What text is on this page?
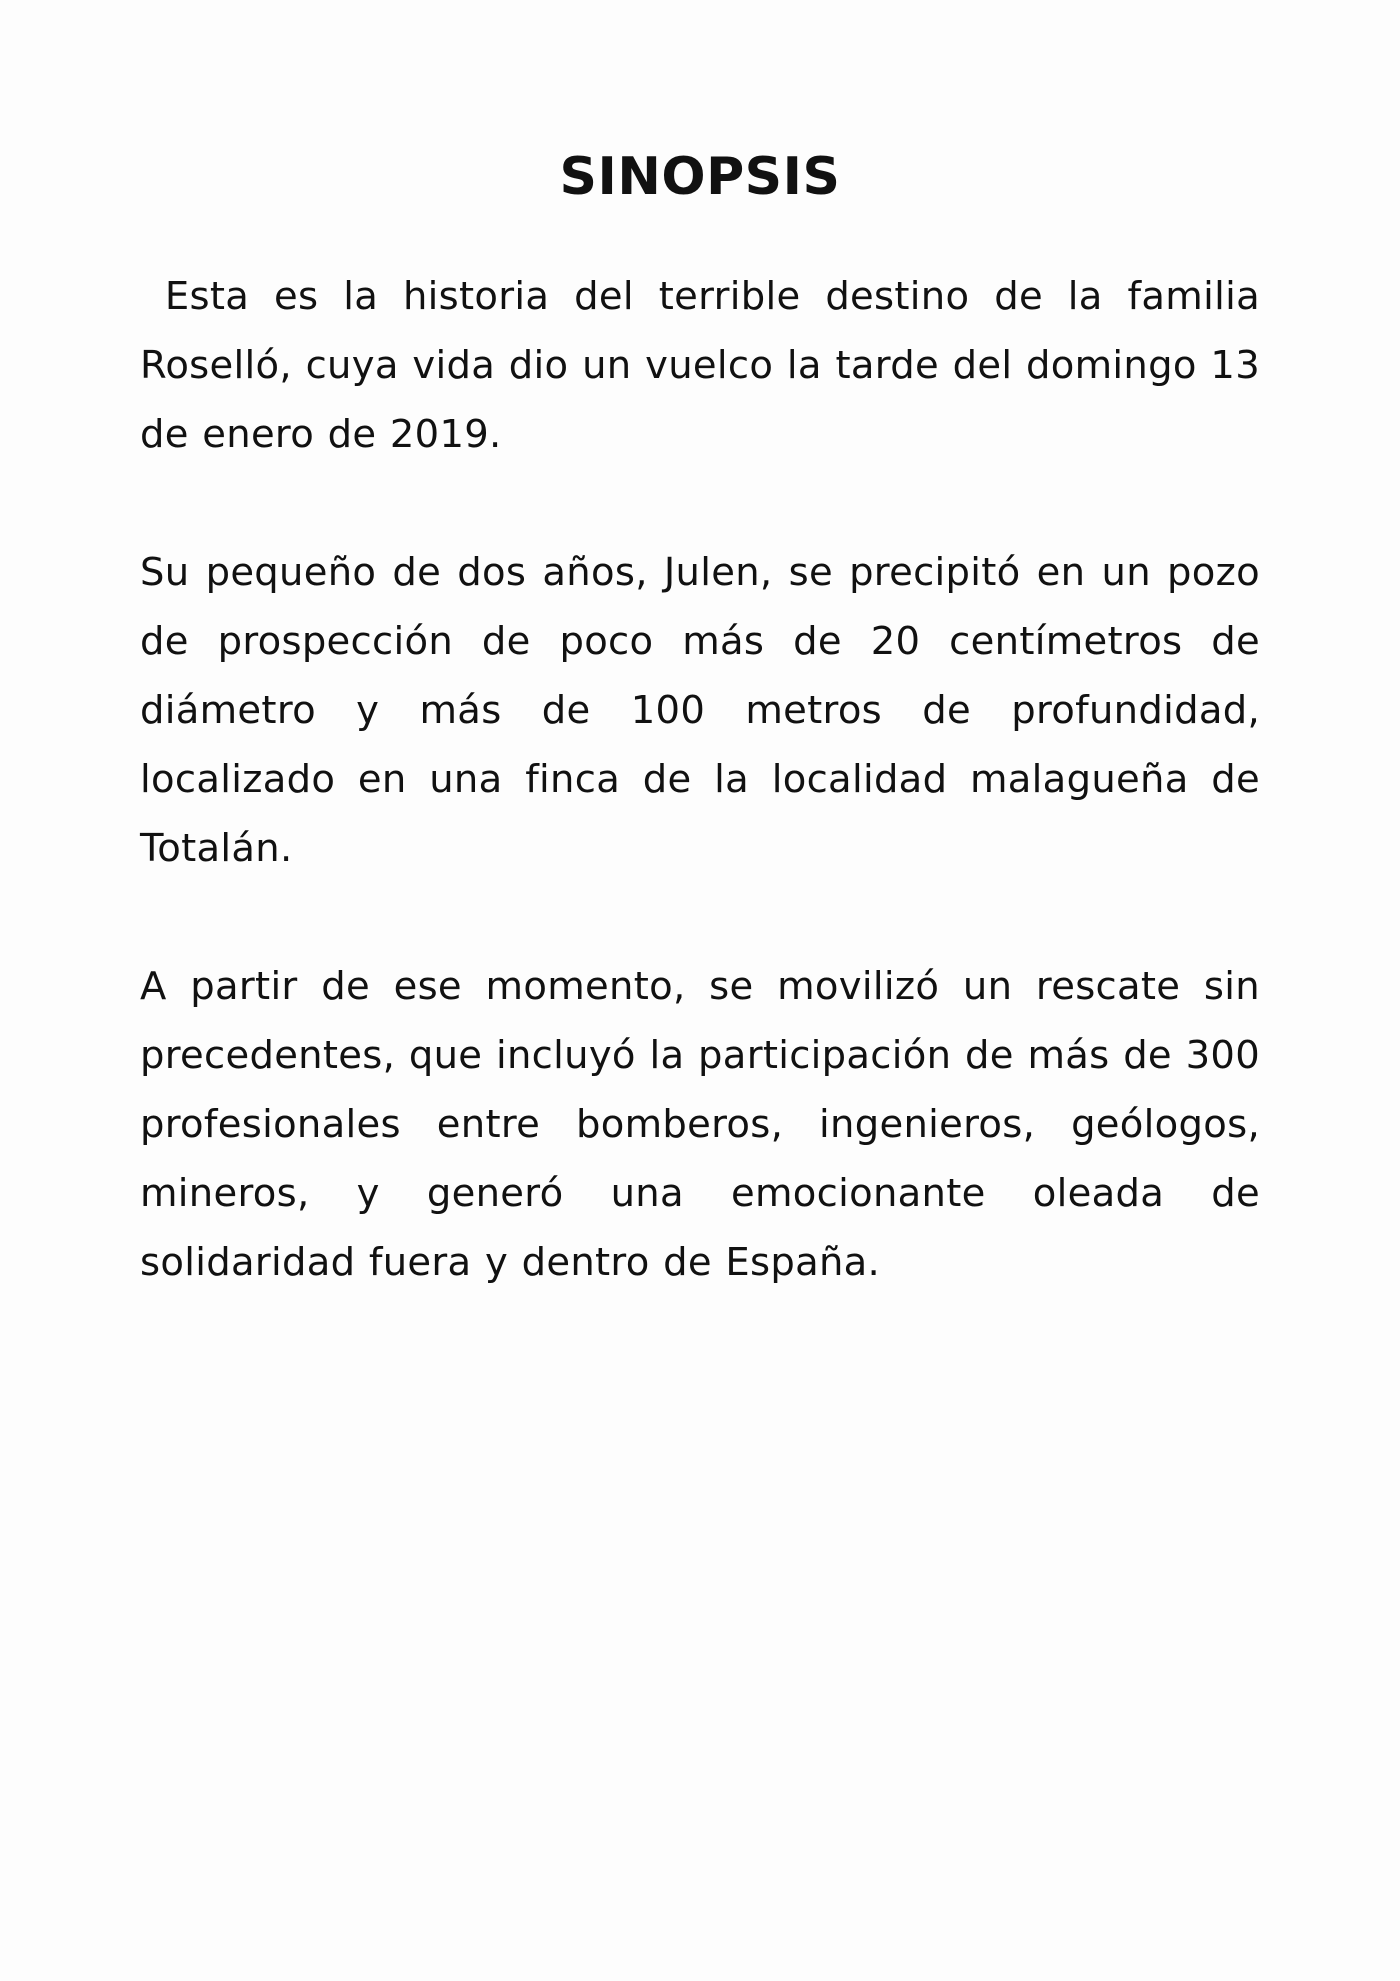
SINOPSIS

Esta es la historia del terrible destino de la familia Roselló, cuya vida dio un vuelco la tarde del domingo 13 de enero de 2019.

Su pequeño de dos años, Julen, se precipitó en un pozo de prospección de poco más de 20 centímetros de diámetro y más de 100 metros de profundidad, localizado en una finca de la localidad malagueña de Totalán.

A partir de ese momento, se movilizó un rescate sin precedentes, que incluyó la participación de más de 300 profesionales entre bomberos, ingenieros, geólogos, mineros, y generó una emocionante oleada de solidaridad fuera y dentro de España.
